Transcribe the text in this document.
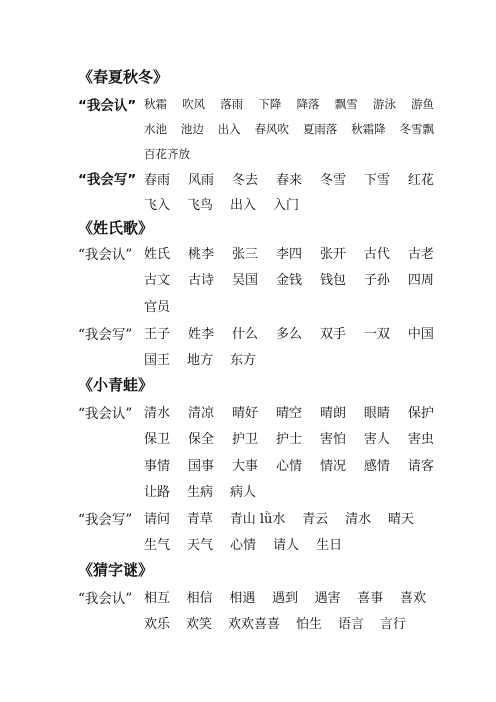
《春夏秋冬》
“我会认” 秋霜 吹风 落雨 下降 降落 飘雪 游泳 游鱼
水池 池边 出入 春风吹 夏雨落 秋霜降 冬雪飘
百花齐放
“我会写” 春雨 风雨 冬去 春来 冬雪 下雪 红花
飞入 飞鸟 出入 入门
《姓氏歌》
“我会认” 姓氏 桃李 张三 李四 张开 古代 古老
古文 古诗 吴国 金钱 钱包 子孙 四周
官员
“我会写” 王子 姓李 什么 多么 双手 一双 中国
国王 地方 东方
《小青蛙》
“我会认” 清水 清凉 晴好 晴空 晴朗 眼睛 保护
保卫 保全 护卫 护士 害怕 害人 害虫
事情 国事 大事 心情 情况 感情 请客
让路 生病 病人
“我会写” 请问 青草 青山 lǜ水 青云 清水 晴天
生气 天气 心情 请人 生日
《猜字谜》
“我会认” 相互 相信 相遇 遇到 遇害 喜事 喜欢
欢乐 欢笑 欢欢喜喜 怕生 语言 言行
